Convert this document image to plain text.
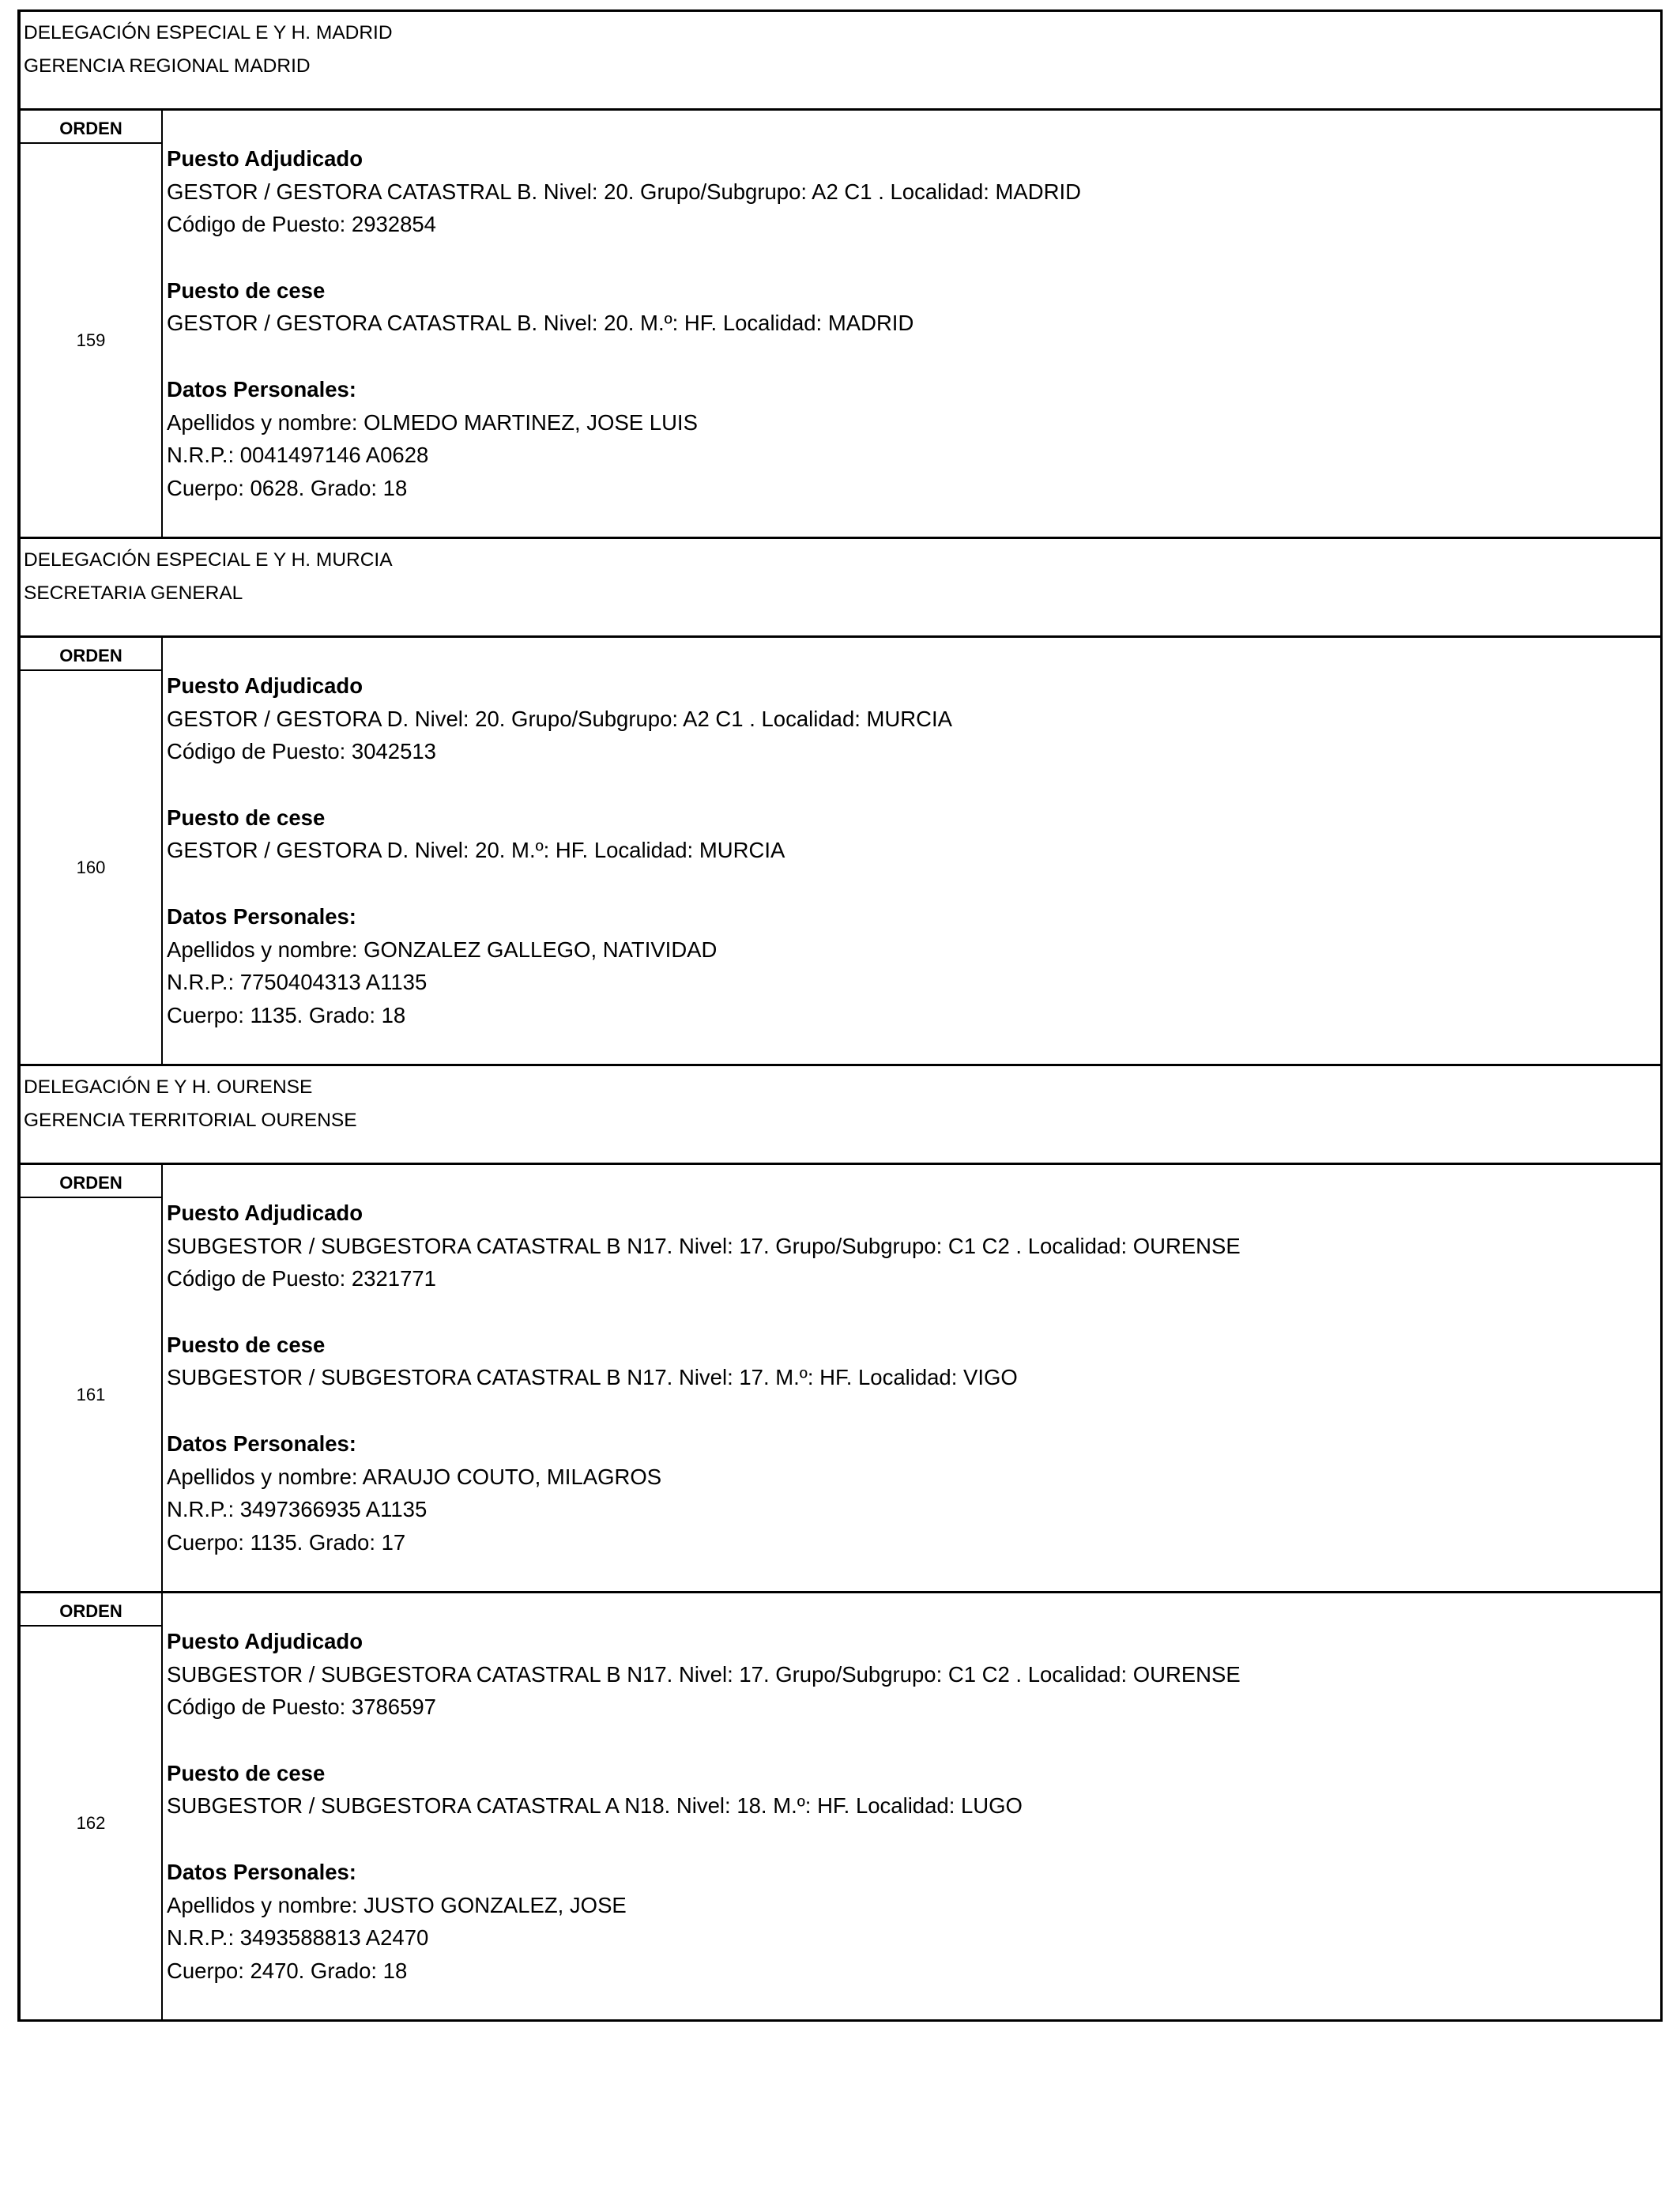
DELEGACIÓN ESPECIAL E Y H. MADRID
GERENCIA REGIONAL MADRID
ORDEN
159
Puesto Adjudicado
GESTOR / GESTORA CATASTRAL B. Nivel: 20. Grupo/Subgrupo: A2 C1 . Localidad: MADRID
Código de Puesto: 2932854
Puesto de cese
GESTOR / GESTORA CATASTRAL B. Nivel: 20. M.º: HF. Localidad: MADRID
Datos Personales:
Apellidos y nombre: OLMEDO MARTINEZ, JOSE LUIS
N.R.P.: 0041497146 A0628
Cuerpo: 0628. Grado: 18
DELEGACIÓN ESPECIAL E Y H. MURCIA
SECRETARIA GENERAL
ORDEN
160
Puesto Adjudicado
GESTOR / GESTORA D. Nivel: 20. Grupo/Subgrupo: A2 C1 . Localidad: MURCIA
Código de Puesto: 3042513
Puesto de cese
GESTOR / GESTORA D. Nivel: 20. M.º: HF. Localidad: MURCIA
Datos Personales:
Apellidos y nombre: GONZALEZ GALLEGO, NATIVIDAD
N.R.P.: 7750404313 A1135
Cuerpo: 1135. Grado: 18
DELEGACIÓN E Y H. OURENSE
GERENCIA TERRITORIAL OURENSE
ORDEN
161
Puesto Adjudicado
SUBGESTOR / SUBGESTORA CATASTRAL B N17. Nivel: 17. Grupo/Subgrupo: C1 C2 . Localidad: OURENSE
Código de Puesto: 2321771
Puesto de cese
SUBGESTOR / SUBGESTORA CATASTRAL B N17. Nivel: 17. M.º: HF. Localidad: VIGO
Datos Personales:
Apellidos y nombre: ARAUJO COUTO, MILAGROS
N.R.P.: 3497366935 A1135
Cuerpo: 1135. Grado: 17
ORDEN
162
Puesto Adjudicado
SUBGESTOR / SUBGESTORA CATASTRAL B N17. Nivel: 17. Grupo/Subgrupo: C1 C2 . Localidad: OURENSE
Código de Puesto: 3786597
Puesto de cese
SUBGESTOR / SUBGESTORA CATASTRAL A N18. Nivel: 18. M.º: HF. Localidad: LUGO
Datos Personales:
Apellidos y nombre: JUSTO GONZALEZ, JOSE
N.R.P.: 3493588813 A2470
Cuerpo: 2470. Grado: 18
